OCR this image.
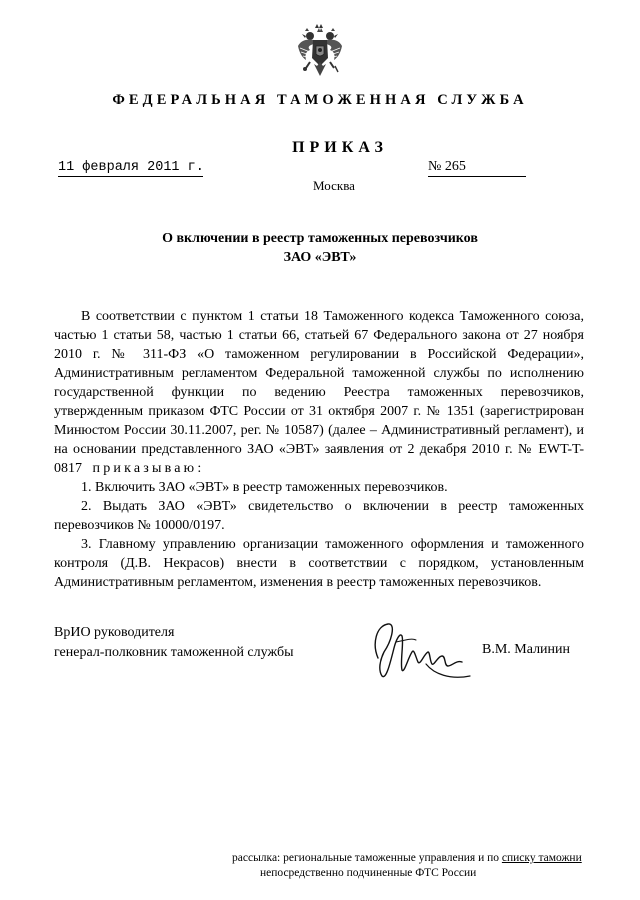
ФЕДЕРАЛЬНАЯ ТАМОЖЕННАЯ СЛУЖБА
ПРИКАЗ
11 февраля 2011 г.	№ 265
Москва
О включении в реестр таможенных перевозчиков
ЗАО «ЭВТ»

В соответствии с пунктом 1 статьи 18 Таможенного кодекса Таможенного союза, частью 1 статьи 58, частью 1 статьи 66, статьей 67 Федерального закона от 27 ноября 2010 г. № 311-ФЗ «О таможенном регулировании в Российской Федерации», Административным регламентом Федеральной таможенной службы по исполнению государственной функции по ведению Реестра таможенных перевозчиков, утвержденным приказом ФТС России от 31 октября 2007 г. № 1351 (зарегистрирован Минюстом России 30.11.2007, рег. № 10587) (далее – Административный регламент), и на основании представленного ЗАО «ЭВТ» заявления от 2 декабря 2010 г. № EWT-T-0817 приказываю:

1. Включить ЗАО «ЭВТ» в реестр таможенных перевозчиков.

2. Выдать ЗАО «ЭВТ» свидетельство о включении в реестр таможенных перевозчиков № 10000/0197.

3. Главному управлению организации таможенного оформления и таможенного контроля (Д.В. Некрасов) внести в соответствии с порядком, установленным Административным регламентом, изменения в реестр таможенных перевозчиков.

ВрИО руководителя
генерал-полковник таможенной службы	В.М. Малинин
рассылка: региональные таможенные управления и по списку таможни
непосредственно подчиненные ФТС России
